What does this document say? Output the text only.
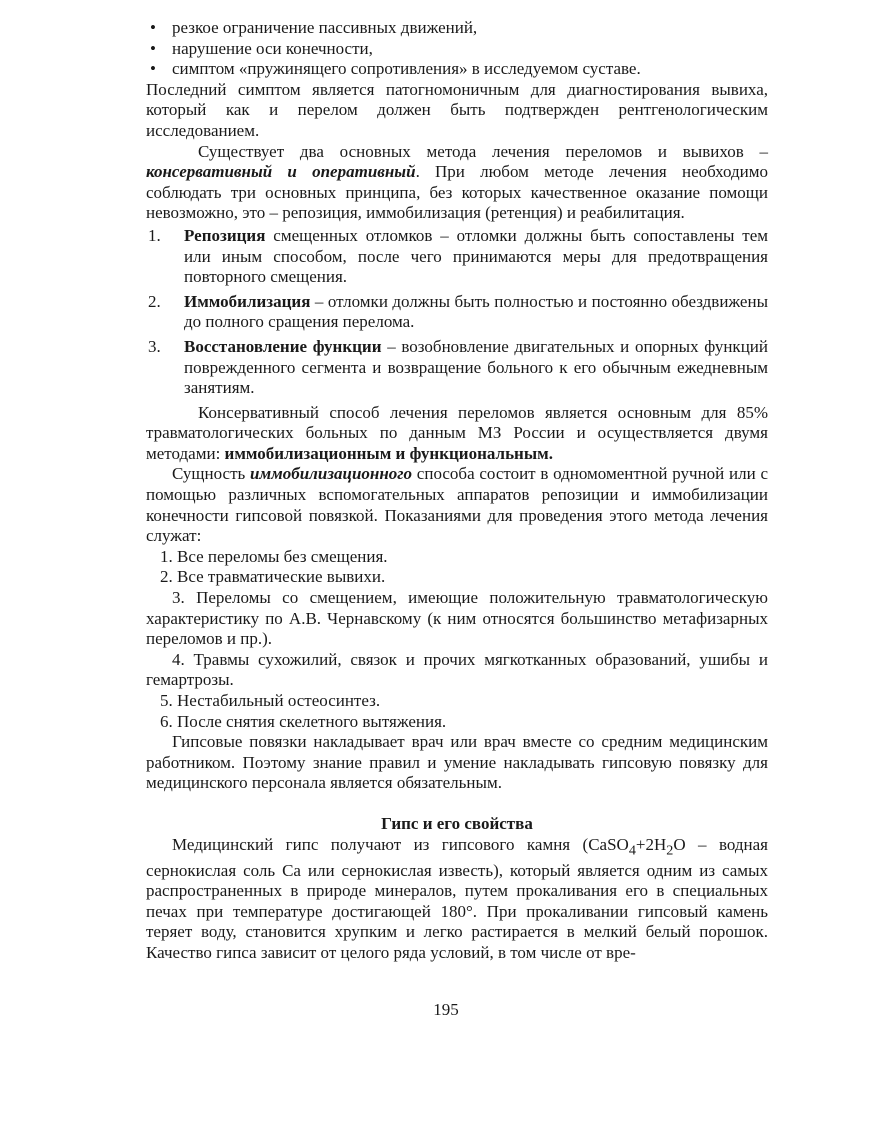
• резкое ограничение пассивных движений,
• нарушение оси конечности,
• симптом «пружинящего сопротивления» в исследуемом суставе.

Последний симптом является патогномоничным для диагностирования вывиха, который как и перелом должен быть подтвержден рентгенологическим исследованием.

Существует два основных метода лечения переломов и вывихов – консервативный и оперативный. При любом методе лечения необходимо соблюдать три основных принципа, без которых качественное оказание помощи невозможно, это – репозиция, иммобилизация (ретенция) и реабилитация.

1. Репозиция смещенных отломков – отломки должны быть сопоставлены тем или иным способом, после чего принимаются меры для предотвращения повторного смещения.
2. Иммобилизация – отломки должны быть полностью и постоянно обездвижены до полного сращения перелома.
3. Восстановление функции – возобновление двигательных и опорных функций поврежденного сегмента и возвращение больного к его обычным ежедневным занятиям.

Консервативный способ лечения переломов является основным для 85% травматологических больных по данным МЗ России и осуществляется двумя методами: иммобилизационным и функциональным.

Сущность иммобилизационного способа состоит в одномоментной ручной или с помощью различных вспомогательных аппаратов репозиции и иммобилизации конечности гипсовой повязкой. Показаниями для проведения этого метода лечения служат:

1. Все переломы без смещения.

2. Все травматические вывихи.

3. Переломы со смещением, имеющие положительную травматологическую характеристику по А.В. Чернавскому (к ним относятся большинство метафизарных переломов и пр.).

4. Травмы сухожилий, связок и прочих мягкотканных образований, ушибы и гемартрозы.

5. Нестабильный остеосинтез.

6. После снятия скелетного вытяжения.

Гипсовые повязки накладывает врач или врач вместе со средним медицинским работником. Поэтому знание правил и умение накладывать гипсовую повязку для медицинского персонала является обязательным.

Гипс и его свойства

Медицинский гипс получают из гипсового камня ($CaSO_4+2H_2O$ – водная сернокислая соль Са или сернокислая известь), который является одним из самых распространенных в природе минералов, путем прокаливания его в специальных печах при температуре достигающей 180°. При прокаливании гипсовый камень теряет воду, становится хрупким и легко растирается в мелкий белый порошок. Качество гипса зависит от целого ряда условий, в том числе от вре-

195
